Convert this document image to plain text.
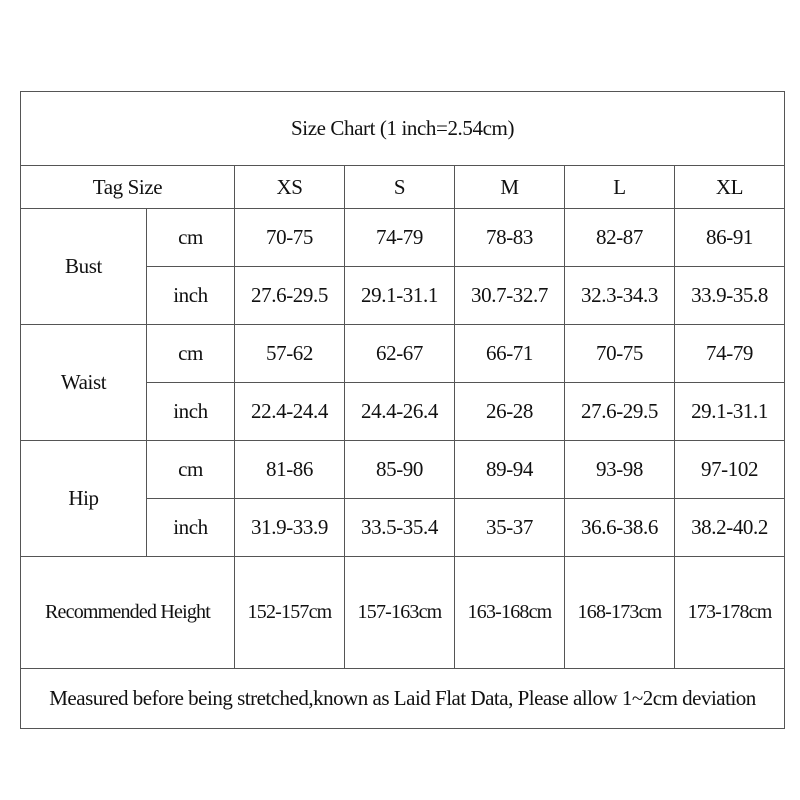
Size Chart (1 inch=2.54cm)						
Tag Size		XS	S	M	L	XL
Bust	cm	70-75	74-79	78-83	82-87	86-91
	inch	27.6-29.5	29.1-31.1	30.7-32.7	32.3-34.3	33.9-35.8
Waist	cm	57-62	62-67	66-71	70-75	74-79
	inch	22.4-24.4	24.4-26.4	26-28	27.6-29.5	29.1-31.1
Hip	cm	81-86	85-90	89-94	93-98	97-102
	inch	31.9-33.9	33.5-35.4	35-37	36.6-38.6	38.2-40.2
Recommended Height		152-157cm	157-163cm	163-168cm	168-173cm	173-178cm
Measured before being stretched,known as Laid Flat Data, Please allow 1~2cm deviation						
